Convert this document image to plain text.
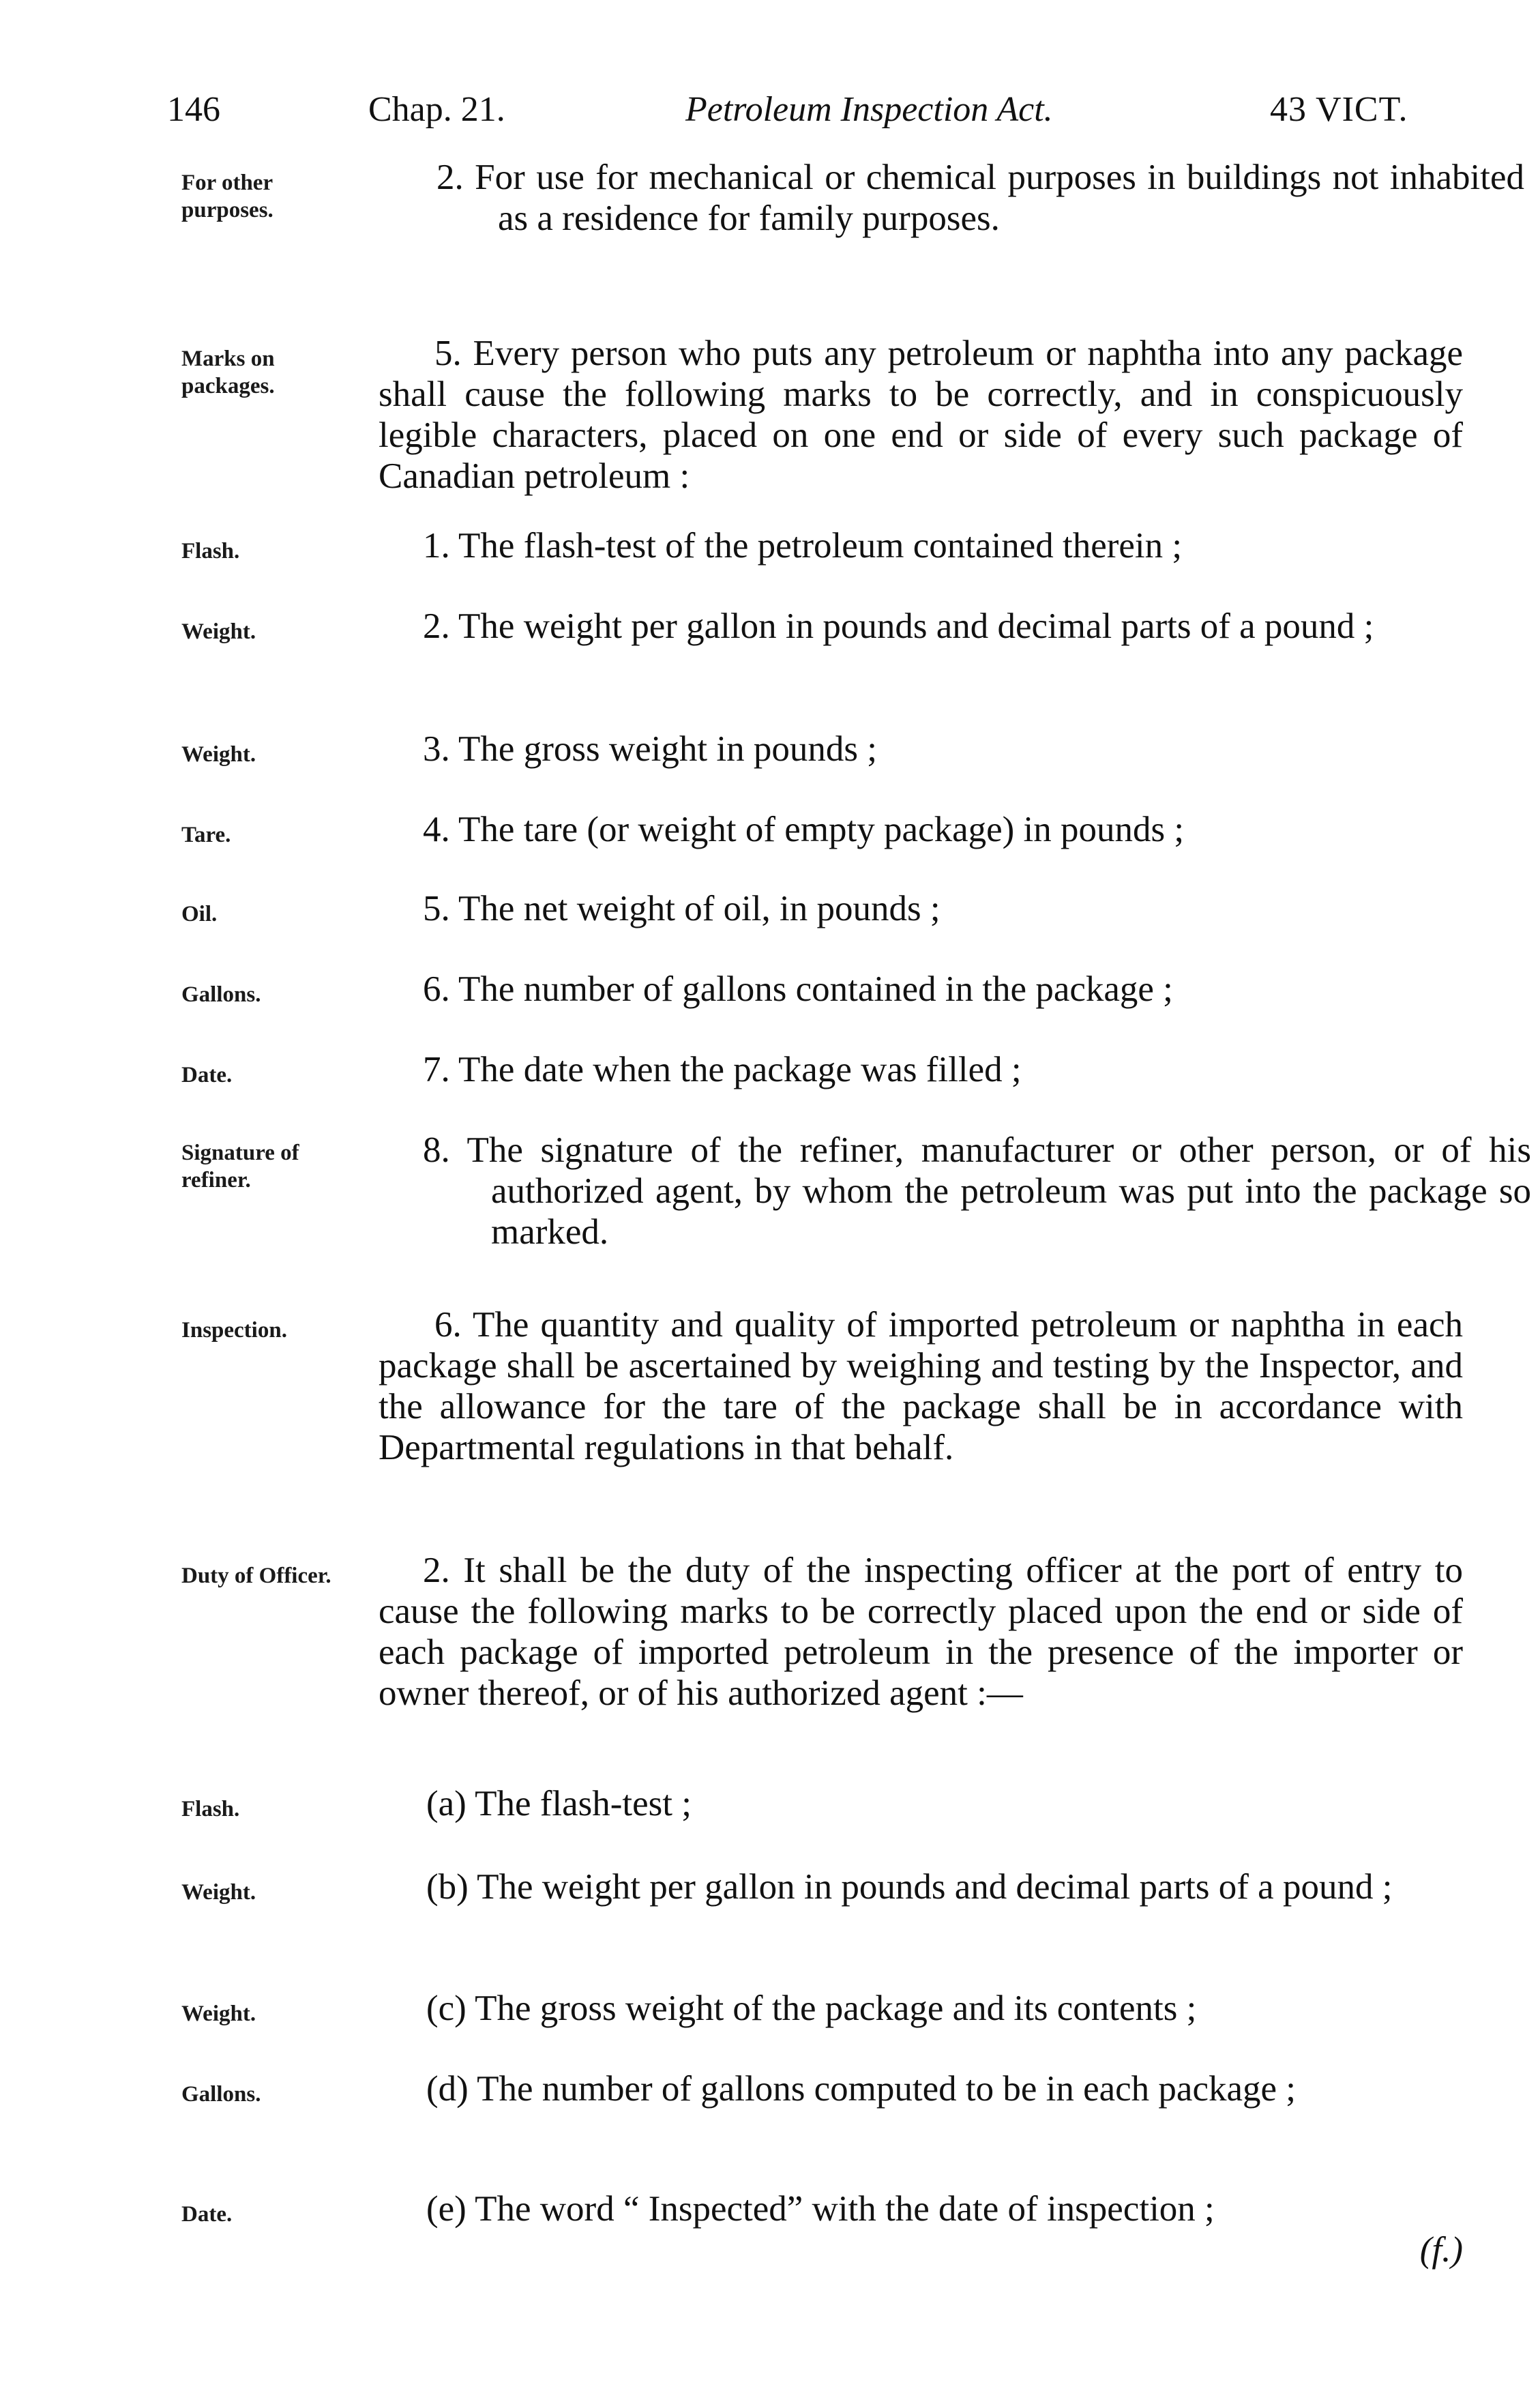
146	Chap. 21.	Petroleum Inspection Act.	43 VICT.
For other purposes.
2. For use for mechanical or chemical purposes in buildings not inhabited as a residence for family purposes.
Marks on packages.
5. Every person who puts any petroleum or naphtha into any package shall cause the following marks to be correctly, and in conspicuously legible characters, placed on one end or side of every such package of Canadian petroleum :
Flash.	1. The flash-test of the petroleum contained therein ;
Weight.	2. The weight per gallon in pounds and decimal parts of a pound ;
Weight.	3. The gross weight in pounds ;
Tare.	4. The tare (or weight of empty package) in pounds ;
Oil.	5. The net weight of oil, in pounds ;
Gallons.	6. The number of gallons contained in the package ;
Date.	7. The date when the package was filled ;
Signature of refiner.
8. The signature of the refiner, manufacturer or other person, or of his authorized agent, by whom the petroleum was put into the package so marked.
Inspection.	6. The quantity and quality of imported petroleum or naphtha in each package shall be ascertained by weighing and testing by the Inspector, and the allowance for the tare of the package shall be in accordance with Departmental regulations in that behalf.
Duty of Officer.	2. It shall be the duty of the inspecting officer at the port of entry to cause the following marks to be correctly placed upon the end or side of each package of imported petroleum in the presence of the importer or owner thereof, or of his authorized agent :—
Flash.	(a) The flash-test ;
Weight.	(b) The weight per gallon in pounds and decimal parts of a pound ;
Weight.	(c) The gross weight of the package and its contents ;
Gallons.	(d) The number of gallons computed to be in each package ;
Date.	(e) The word “ Inspected” with the date of inspection ;
(f.)
